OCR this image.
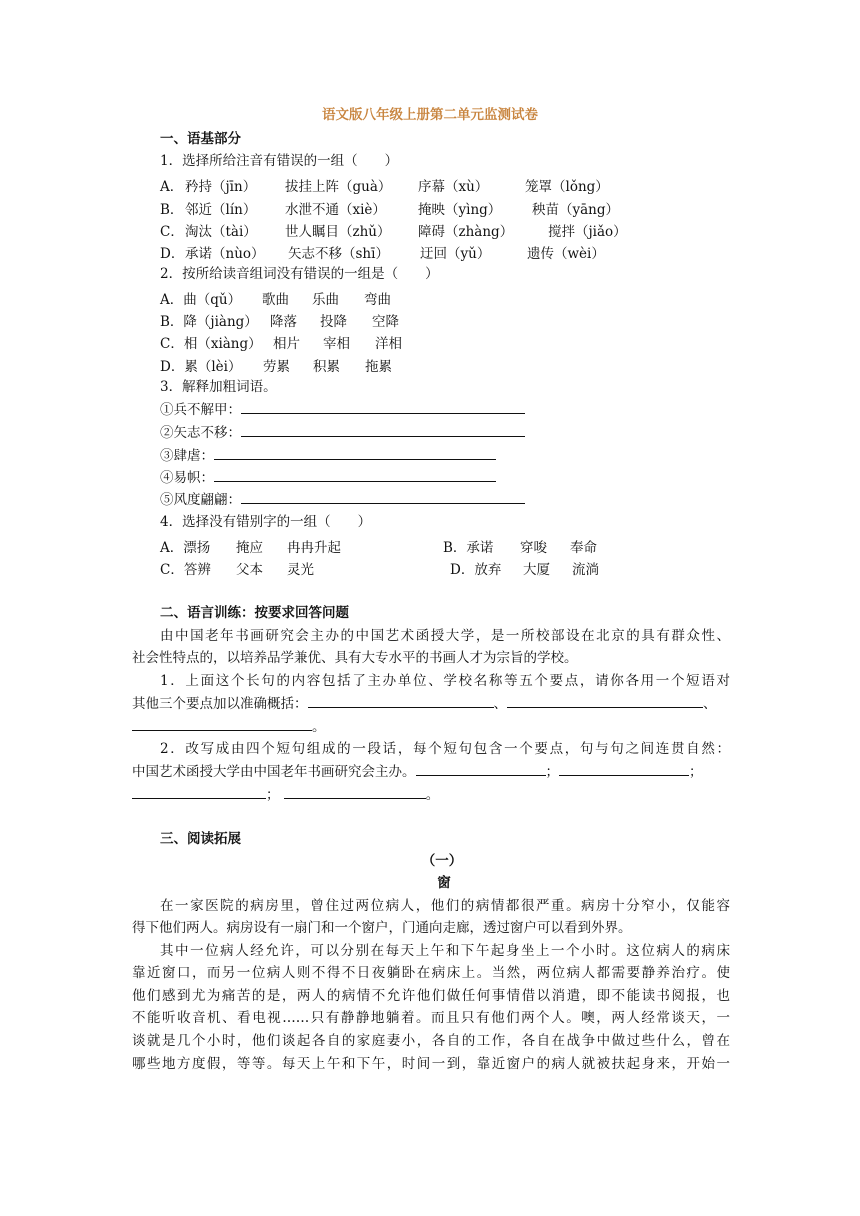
语文版八年级上册第二单元监测试卷
一、语基部分
1．选择所给注音有错误的一组（　　）
A． 矜持（jīn） 拔挂上阵（guà） 序幕（xù）	笼罩（lǒng）
B． 邻近（lín） 水泄不通（xiè） 掩映（yìng） 秧苗（yāng）
C． 淘汰（tài） 世人瞩目（zhǔ） 障碍（zhàng）	搅拌（jiǎo）
D． 承诺（nùo） 矢志不移（shī） 迂回（yǔ）	遗传（wèi）
2．按所给读音组词没有错误的一组是（　　）
A．曲（qǔ） 歌曲 乐曲 弯曲
B．降（jiàng） 降落 投降 空降
C．相（xiàng） 相片 宰相 洋相
D．累（lèi） 劳累 积累 拖累
3．解释加粗词语。
①兵不解甲：
②矢志不移：
③肆虐：
④易帜：
⑤风度翩翩：
4．选择没有错别字的一组（　　）
A．漂扬 掩应 冉冉升起	B．承诺 穿唆 奉命
C．答辨 父本 灵光	D．放弃 大厦 流淌
二、语言训练：按要求回答问题
由中国老年书画研究会主办的中国艺术函授大学，是一所校部设在北京的具有群众性、
社会性特点的，以培养品学兼优、具有大专水平的书画人才为宗旨的学校。
1．上面这个长句的内容包括了主办单位、学校名称等五个要点，请你各用一个短语对
其他三个要点加以准确概括：	、	、
。
2．改写成由四个短句组成的一段话，每个短句包含一个要点，句与句之间连贯自然：
中国艺术函授大学由中国老年书画研究会主办。	；	；
；	。
三、阅读拓展
（一）
窗
在一家医院的病房里，曾住过两位病人，他们的病情都很严重。病房十分窄小，仅能容
得下他们两人。病房设有一扇门和一个窗户，门通向走廊，透过窗户可以看到外界。
其中一位病人经允许，可以分别在每天上午和下午起身坐上一个小时。这位病人的病床
靠近窗口，而另一位病人则不得不日夜躺卧在病床上。当然，两位病人都需要静养治疗。使
他们感到尤为痛苦的是，两人的病情不允许他们做任何事情借以消遣，即不能读书阅报，也
不能听收音机、看电视……只有静静地躺着。而且只有他们两个人。噢，两人经常谈天，一
谈就是几个小时，他们谈起各自的家庭妻小，各自的工作，各自在战争中做过些什么，曾在
哪些地方度假，等等。每天上午和下午，时间一到，靠近窗户的病人就被扶起身来，开始一
